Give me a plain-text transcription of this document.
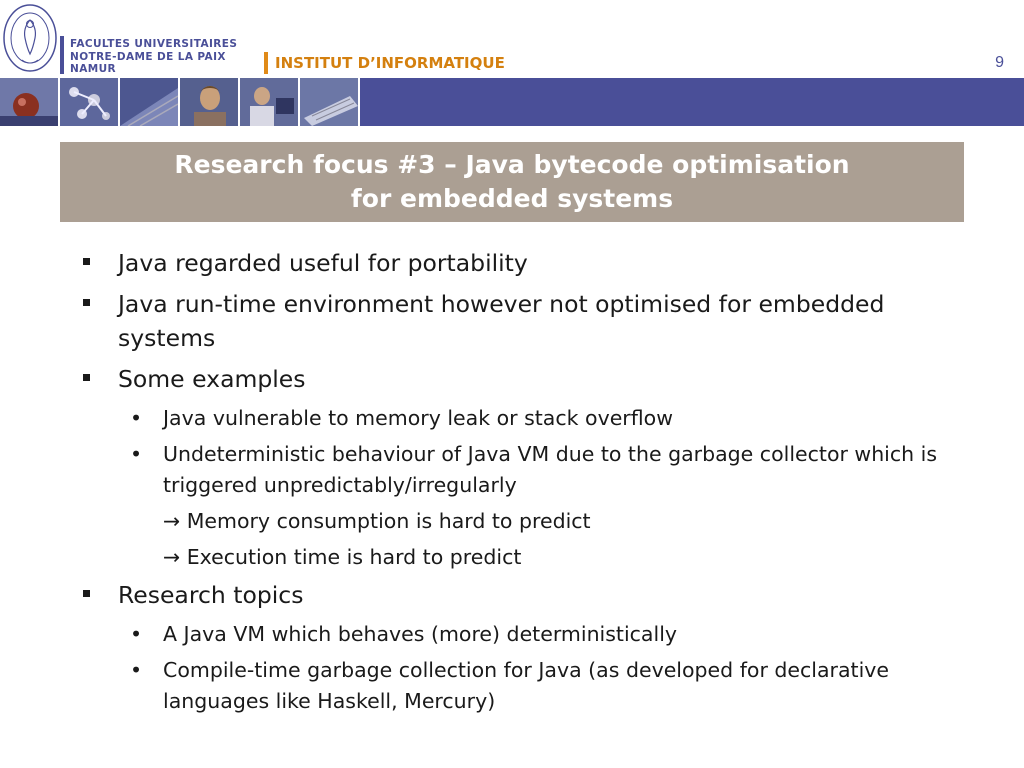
FACULTES UNIVERSITAIRES
NOTRE-DAME DE LA PAIX
NAMUR	INSTITUT D’INFORMATIQUE	9
Research focus #3 – Java bytecode optimisation
for embedded systems
Java regarded useful for portability
Java run-time environment however not optimised for embedded systems
Some examples
• Java vulnerable to memory leak or stack overflow
• Undeterministic behaviour of Java VM due to the garbage collector which is triggered unpredictably/irregularly
→ Memory consumption is hard to predict
→ Execution time is hard to predict
Research topics
• A Java VM which behaves (more) deterministically
• Compile-time garbage collection for Java (as developed for declarative languages like Haskell, Mercury)
